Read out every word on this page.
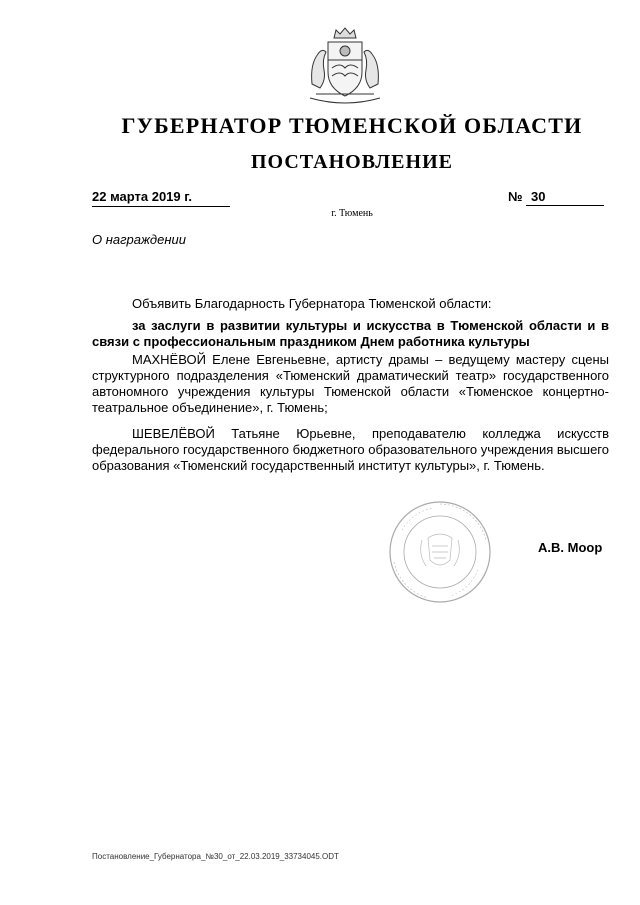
ГУБЕРНАТОР ТЮМЕНСКОЙ ОБЛАСТИ
ПОСТАНОВЛЕНИЕ
22 марта 2019 г.	№ 30
г. Тюмень
О награждении
Объявить Благодарность Губернатора Тюменской области:

за заслуги в развитии культуры и искусства в Тюменской области и в связи с профессиональным праздником Днем работника культуры

МАХНЁВОЙ Елене Евгеньевне, артисту драмы – ведущему мастеру сцены структурного подразделения «Тюменский драматический театр» государственного автономного учреждения культуры Тюменской области «Тюменское концертно-театральное объединение», г. Тюмень;

ШЕВЕЛЁВОЙ Татьяне Юрьевне, преподавателю колледжа искусств федерального государственного бюджетного образовательного учреждения высшего образования «Тюменский государственный институт культуры», г. Тюмень.

А.В. Моор
Постановление_Губернатора_№30_от_22.03.2019_33734045.ODT
